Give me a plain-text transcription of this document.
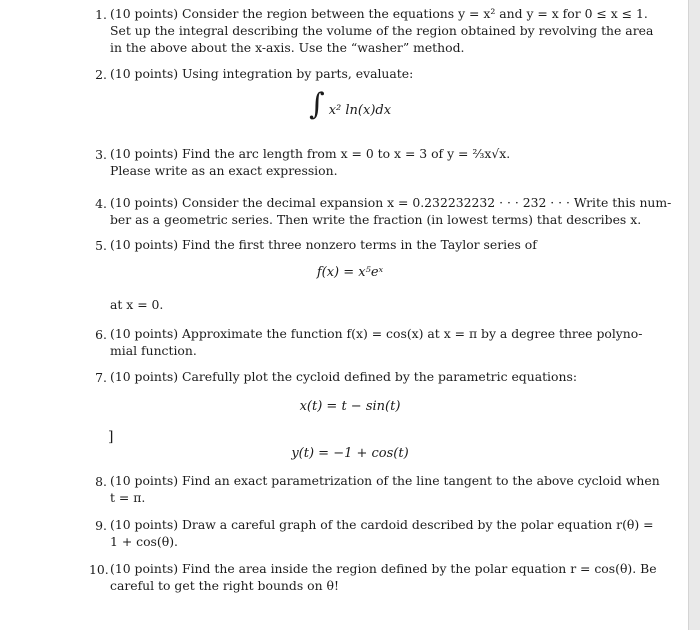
1. (10 points) Consider the region between the equations y = x² and y = x for 0 ≤ x ≤ 1.
Set up the integral describing the volume of the region obtained by revolving the area
in the above about the x-axis. Use the “washer” method.
2. (10 points) Using integration by parts, evaluate:
∫ x² ln(x)dx
3. (10 points) Find the arc length from x = 0 to x = 3 of y = ⅔x√x.
Please write as an exact expression.
4. (10 points) Consider the decimal expansion x = 0.232232232 · · · 232 · · · Write this num-
ber as a geometric series. Then write the fraction (in lowest terms) that describes x.
5. (10 points) Find the first three nonzero terms in the Taylor series of
f(x) = x⁵eˣ
at x = 0.
6. (10 points) Approximate the function f(x) = cos(x) at x = π by a degree three polyno-
mial function.
7. (10 points) Carefully plot the cycloid defined by the parametric equations:
x(t) = t − sin(t)
]
y(t) = −1 + cos(t)
8. (10 points) Find an exact parametrization of the line tangent to the above cycloid when
t = π.
9. (10 points) Draw a careful graph of the cardoid described by the polar equation r(θ) =
1 + cos(θ).
10. (10 points) Find the area inside the region defined by the polar equation r = cos(θ). Be
careful to get the right bounds on θ!
